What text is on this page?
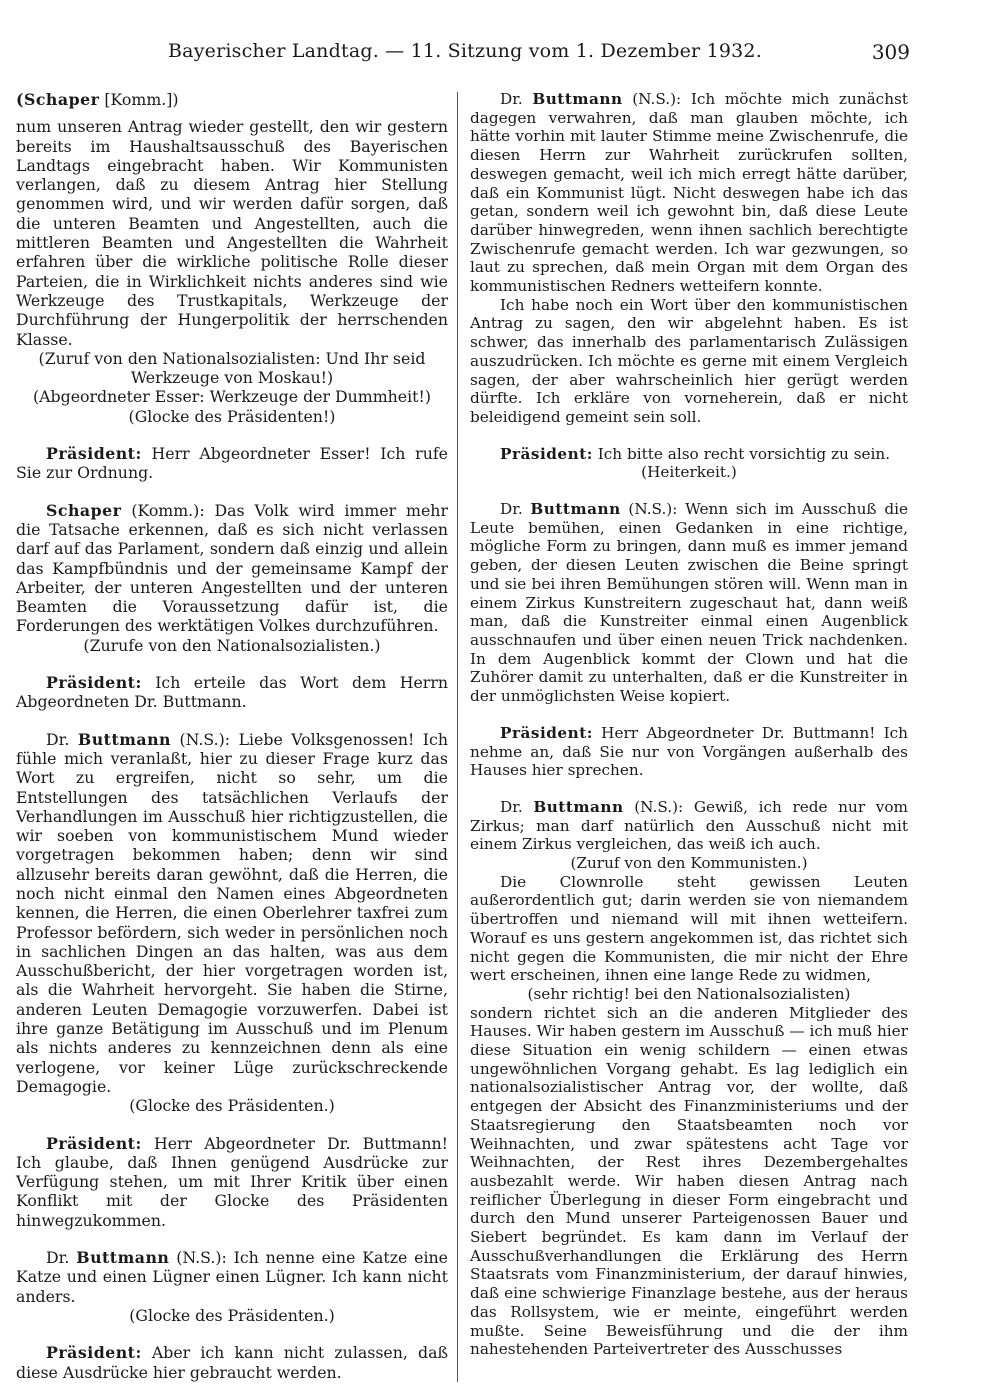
Bayerischer Landtag. — 11. Sitzung vom 1. Dezember 1932.	309

(Schaper [Komm.])

num unseren Antrag wieder gestellt, den wir gestern bereits im Haushaltsausschuß des Bayerischen Landtags eingebracht haben. Wir Kommunisten verlangen, daß zu diesem Antrag hier Stellung genommen wird, und wir werden dafür sorgen, daß die unteren Beamten und Angestellten, auch die mittleren Beamten und Angestellten die Wahrheit erfahren über die wirkliche politische Rolle dieser Parteien, die in Wirklichkeit nichts anderes sind wie Werkzeuge des Trustkapitals, Werkzeuge der Durchführung der Hungerpolitik der herrschenden Klasse.

(Zuruf von den Nationalsozialisten: Und Ihr seid Werkzeuge von Moskau!)

(Abgeordneter Esser: Werkzeuge der Dummheit!)

(Glocke des Präsidenten!)

Präsident: Herr Abgeordneter Esser! Ich rufe Sie zur Ordnung.

Schaper (Komm.): Das Volk wird immer mehr die Tatsache erkennen, daß es sich nicht verlassen darf auf das Parlament, sondern daß einzig und allein das Kampfbündnis und der gemeinsame Kampf der Arbeiter, der unteren Angestellten und der unteren Beamten die Voraussetzung dafür ist, die Forderungen des werktätigen Volkes durchzuführen.

(Zurufe von den Nationalsozialisten.)

Präsident: Ich erteile das Wort dem Herrn Abgeordneten Dr. Buttmann.

Dr. Buttmann (N.S.): Liebe Volksgenossen! Ich fühle mich veranlaßt, hier zu dieser Frage kurz das Wort zu ergreifen, nicht so sehr, um die Entstellungen des tatsächlichen Verlaufs der Verhandlungen im Ausschuß hier richtigzustellen, die wir soeben von kommunistischem Mund wieder vorgetragen bekommen haben; denn wir sind allzusehr bereits daran gewöhnt, daß die Herren, die noch nicht einmal den Namen eines Abgeordneten kennen, die Herren, die einen Oberlehrer taxfrei zum Professor befördern, sich weder in persönlichen noch in sachlichen Dingen an das halten, was aus dem Ausschußbericht, der hier vorgetragen worden ist, als die Wahrheit hervorgeht. Sie haben die Stirne, anderen Leuten Demagogie vorzuwerfen. Dabei ist ihre ganze Betätigung im Ausschuß und im Plenum als nichts anderes zu kennzeichnen denn als eine verlogene, vor keiner Lüge zurückschreckende Demagogie.

(Glocke des Präsidenten.)

Präsident: Herr Abgeordneter Dr. Buttmann! Ich glaube, daß Ihnen genügend Ausdrücke zur Verfügung stehen, um mit Ihrer Kritik über einen Konflikt mit der Glocke des Präsidenten hinwegzukommen.

Dr. Buttmann (N.S.): Ich nenne eine Katze eine Katze und einen Lügner einen Lügner. Ich kann nicht anders.

(Glocke des Präsidenten.)

Präsident: Aber ich kann nicht zulassen, daß diese Ausdrücke hier gebraucht werden.

Dr. Buttmann (N.S.): Ich möchte mich zunächst dagegen verwahren, daß man glauben möchte, ich hätte vorhin mit lauter Stimme meine Zwischenrufe, die diesen Herrn zur Wahrheit zurückrufen sollten, deswegen gemacht, weil ich mich erregt hätte darüber, daß ein Kommunist lügt. Nicht deswegen habe ich das getan, sondern weil ich gewohnt bin, daß diese Leute darüber hinwegreden, wenn ihnen sachlich berechtigte Zwischenrufe gemacht werden. Ich war gezwungen, so laut zu sprechen, daß mein Organ mit dem Organ des kommunistischen Redners wetteifern konnte.

Ich habe noch ein Wort über den kommunistischen Antrag zu sagen, den wir abgelehnt haben. Es ist schwer, das innerhalb des parlamentarisch Zulässigen auszudrücken. Ich möchte es gerne mit einem Vergleich sagen, der aber wahrscheinlich hier gerügt werden dürfte. Ich erkläre von vorneherein, daß er nicht beleidigend gemeint sein soll.

Präsident: Ich bitte also recht vorsichtig zu sein.

(Heiterkeit.)

Dr. Buttmann (N.S.): Wenn sich im Ausschuß die Leute bemühen, einen Gedanken in eine richtige, mögliche Form zu bringen, dann muß es immer jemand geben, der diesen Leuten zwischen die Beine springt und sie bei ihren Bemühungen stören will. Wenn man in einem Zirkus Kunstreitern zugeschaut hat, dann weiß man, daß die Kunstreiter einmal einen Augenblick ausschnaufen und über einen neuen Trick nachdenken. In dem Augenblick kommt der Clown und hat die Zuhörer damit zu unterhalten, daß er die Kunstreiter in der unmöglichsten Weise kopiert.

Präsident: Herr Abgeordneter Dr. Buttmann! Ich nehme an, daß Sie nur von Vorgängen außerhalb des Hauses hier sprechen.

Dr. Buttmann (N.S.): Gewiß, ich rede nur vom Zirkus; man darf natürlich den Ausschuß nicht mit einem Zirkus vergleichen, das weiß ich auch.

(Zuruf von den Kommunisten.)

Die Clownrolle steht gewissen Leuten außerordentlich gut; darin werden sie von niemandem übertroffen und niemand will mit ihnen wetteifern. Worauf es uns gestern angekommen ist, das richtet sich nicht gegen die Kommunisten, die mir nicht der Ehre wert erscheinen, ihnen eine lange Rede zu widmen,

(sehr richtig! bei den Nationalsozialisten)

sondern richtet sich an die anderen Mitglieder des Hauses. Wir haben gestern im Ausschuß — ich muß hier diese Situation ein wenig schildern — einen etwas ungewöhnlichen Vorgang gehabt. Es lag lediglich ein nationalsozialistischer Antrag vor, der wollte, daß entgegen der Absicht des Finanzministeriums und der Staatsregierung den Staatsbeamten noch vor Weihnachten, und zwar spätestens acht Tage vor Weihnachten, der Rest ihres Dezembergehaltes ausbezahlt werde. Wir haben diesen Antrag nach reiflicher Überlegung in dieser Form eingebracht und durch den Mund unserer Parteigenossen Bauer und Siebert begründet. Es kam dann im Verlauf der Ausschußverhandlungen die Erklärung des Herrn Staatsrats vom Finanzministerium, der darauf hinwies, daß eine schwierige Finanzlage bestehe, aus der heraus das Rollsystem, wie er meinte, eingeführt werden mußte. Seine Beweisführung und die der ihm nahestehenden Parteivertreter des Ausschusses
